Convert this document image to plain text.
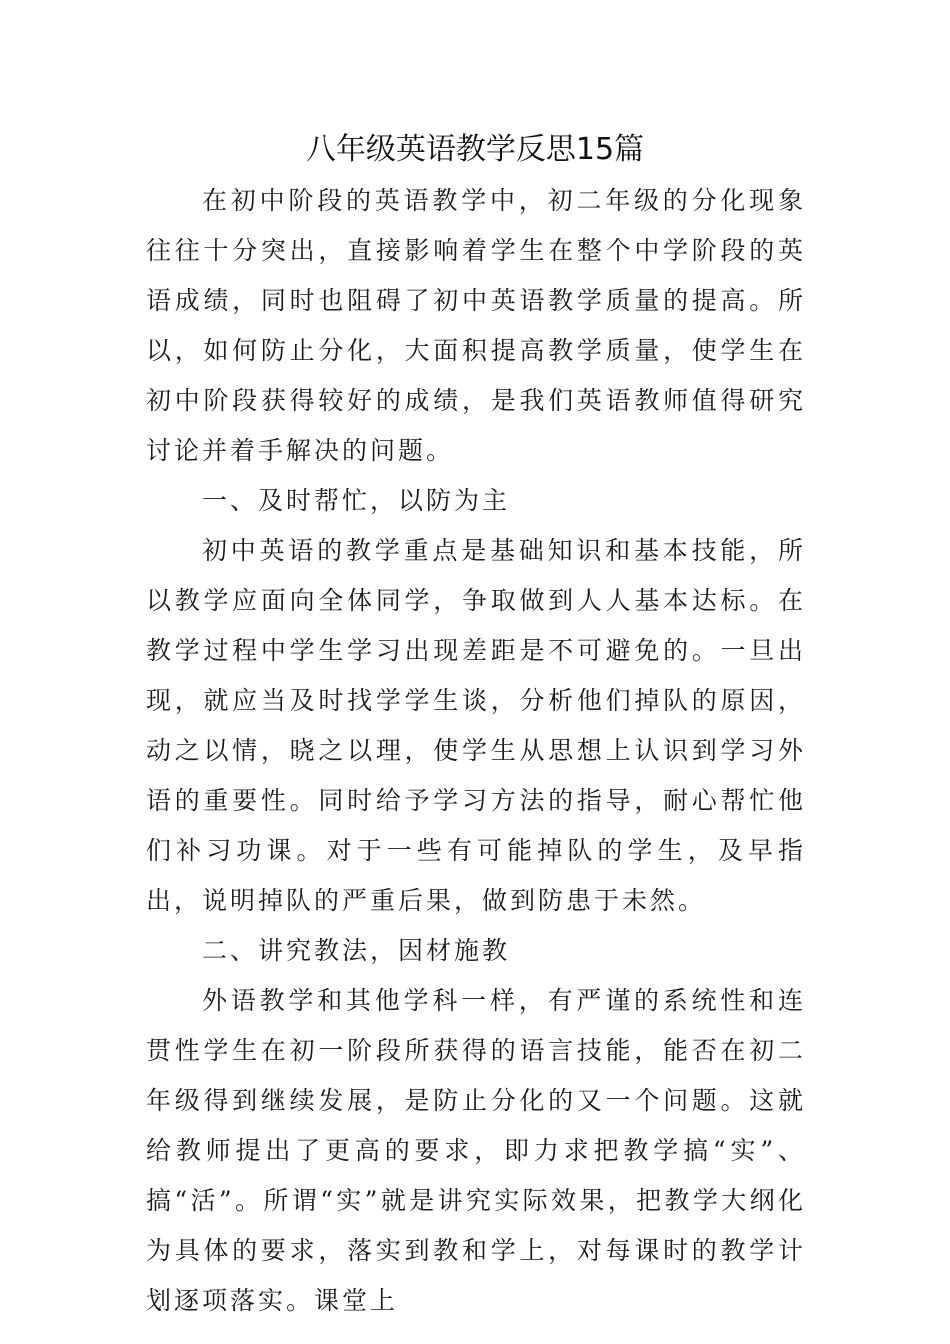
八年级英语教学反思15篇

在初中阶段的英语教学中，初二年级的分化现象往往十分突出，直接影响着学生在整个中学阶段的英语成绩，同时也阻碍了初中英语教学质量的提高。所以，如何防止分化，大面积提高教学质量，使学生在初中阶段获得较好的成绩，是我们英语教师值得研究讨论并着手解决的问题。

一、及时帮忙，以防为主

初中英语的教学重点是基础知识和基本技能，所以教学应面向全体同学，争取做到人人基本达标。在教学过程中学生学习出现差距是不可避免的。一旦出现，就应当及时找学学生谈，分析他们掉队的原因，动之以情，晓之以理，使学生从思想上认识到学习外语的重要性。同时给予学习方法的指导，耐心帮忙他们补习功课。对于一些有可能掉队的学生，及早指出，说明掉队的严重后果，做到防患于未然。

二、讲究教法，因材施教

外语教学和其他学科一样，有严谨的系统性和连贯性学生在初一阶段所获得的语言技能，能否在初二年级得到继续发展，是防止分化的又一个问题。这就给教师提出了更高的要求，即力求把教学搞“实”、搞“活”。所谓“实”就是讲究实际效果，把教学大纲化为具体的要求，落实到教和学上，对每课时的教学计划逐项落实。课堂上
